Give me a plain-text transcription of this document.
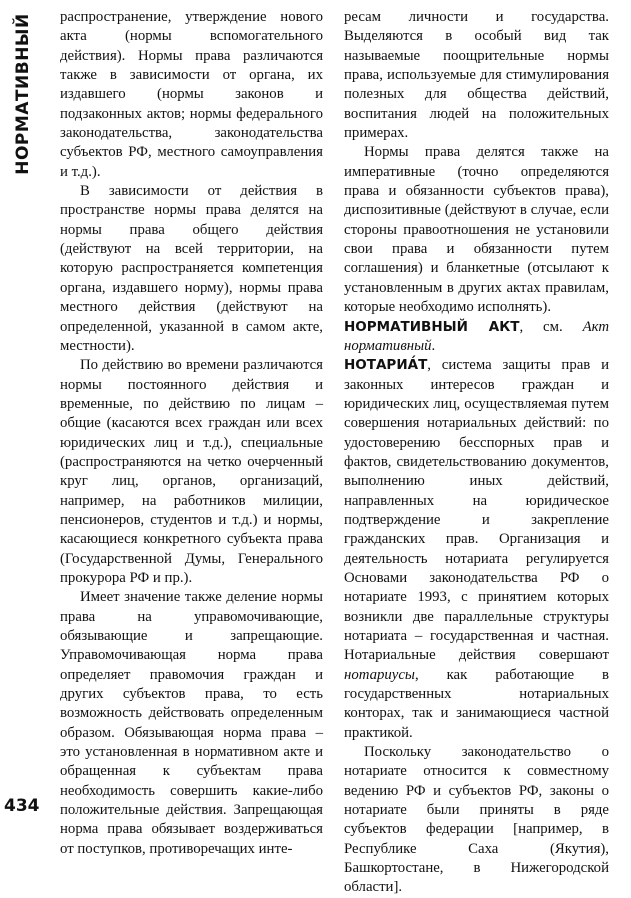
НОРМАТИВНЫЙ
434

распространение, утверждение нового акта (нормы вспомогательного действия). Нормы права различаются также в зависимости от органа, их издавшего (нормы законов и подзаконных актов; нормы федерального законодательства, законодательства субъектов РФ, местного самоуправления и т.д.).

В зависимости от действия в пространстве нормы права делятся на нормы права общего действия (действуют на всей территории, на которую распространяется компетенция органа, издавшего норму), нормы права местного действия (действуют на определенной, указанной в самом акте, местности).

По действию во времени различаются нормы постоянного действия и временные, по действию по лицам – общие (касаются всех граждан или всех юридических лиц и т.д.), специальные (распространяются на четко очерченный круг лиц, органов, организаций, например, на работников милиции, пенсионеров, студентов и т.д.) и нормы, касающиеся конкретного субъекта права (Государственной Думы, Генерального прокурора РФ и пр.).

Имеет значение также деление нормы права на управомочивающие, обязывающие и запрещающие. Управомочивающая норма права определяет правомочия граждан и других субъектов права, то есть возможность действовать определенным образом. Обязывающая норма права – это установленная в нормативном акте и обращенная к субъектам права необходимость совершить какие-либо положительные действия. Запрещающая норма права обязывает воздерживаться от поступков, противоречащих инте-

ресам личности и государства. Выделяются в особый вид так называемые поощрительные нормы права, используемые для стимулирования полезных для общества действий, воспитания людей на положительных примерах.

Нормы права делятся также на императивные (точно определяются права и обязанности субъектов права), диспозитивные (действуют в случае, если стороны правоотношения не установили свои права и обязанности путем соглашения) и бланкетные (отсылают к установленным в других актах правилам, которые необходимо исполнять).

НОРМАТИВНЫЙ АКТ, см. Акт нормативный.

НОТАРИА́Т, система защиты прав и законных интересов граждан и юридических лиц, осуществляемая путем совершения нотариальных действий: по удостоверению бесспорных прав и фактов, свидетельствованию документов, выполнению иных действий, направленных на юридическое подтверждение и закрепление гражданских прав. Организация и деятельность нотариата регулируется Основами законодательства РФ о нотариате 1993, с принятием которых возникли две параллельные структуры нотариата – государственная и частная. Нотариальные действия совершают нотариусы, как работающие в государственных нотариальных конторах, так и занимающиеся частной практикой.

Поскольку законодательство о нотариате относится к совместному ведению РФ и субъектов РФ, законы о нотариате были приняты в ряде субъектов федерации [например, в Республике Саха (Якутия), Башкортостане, в Нижегородской области].
